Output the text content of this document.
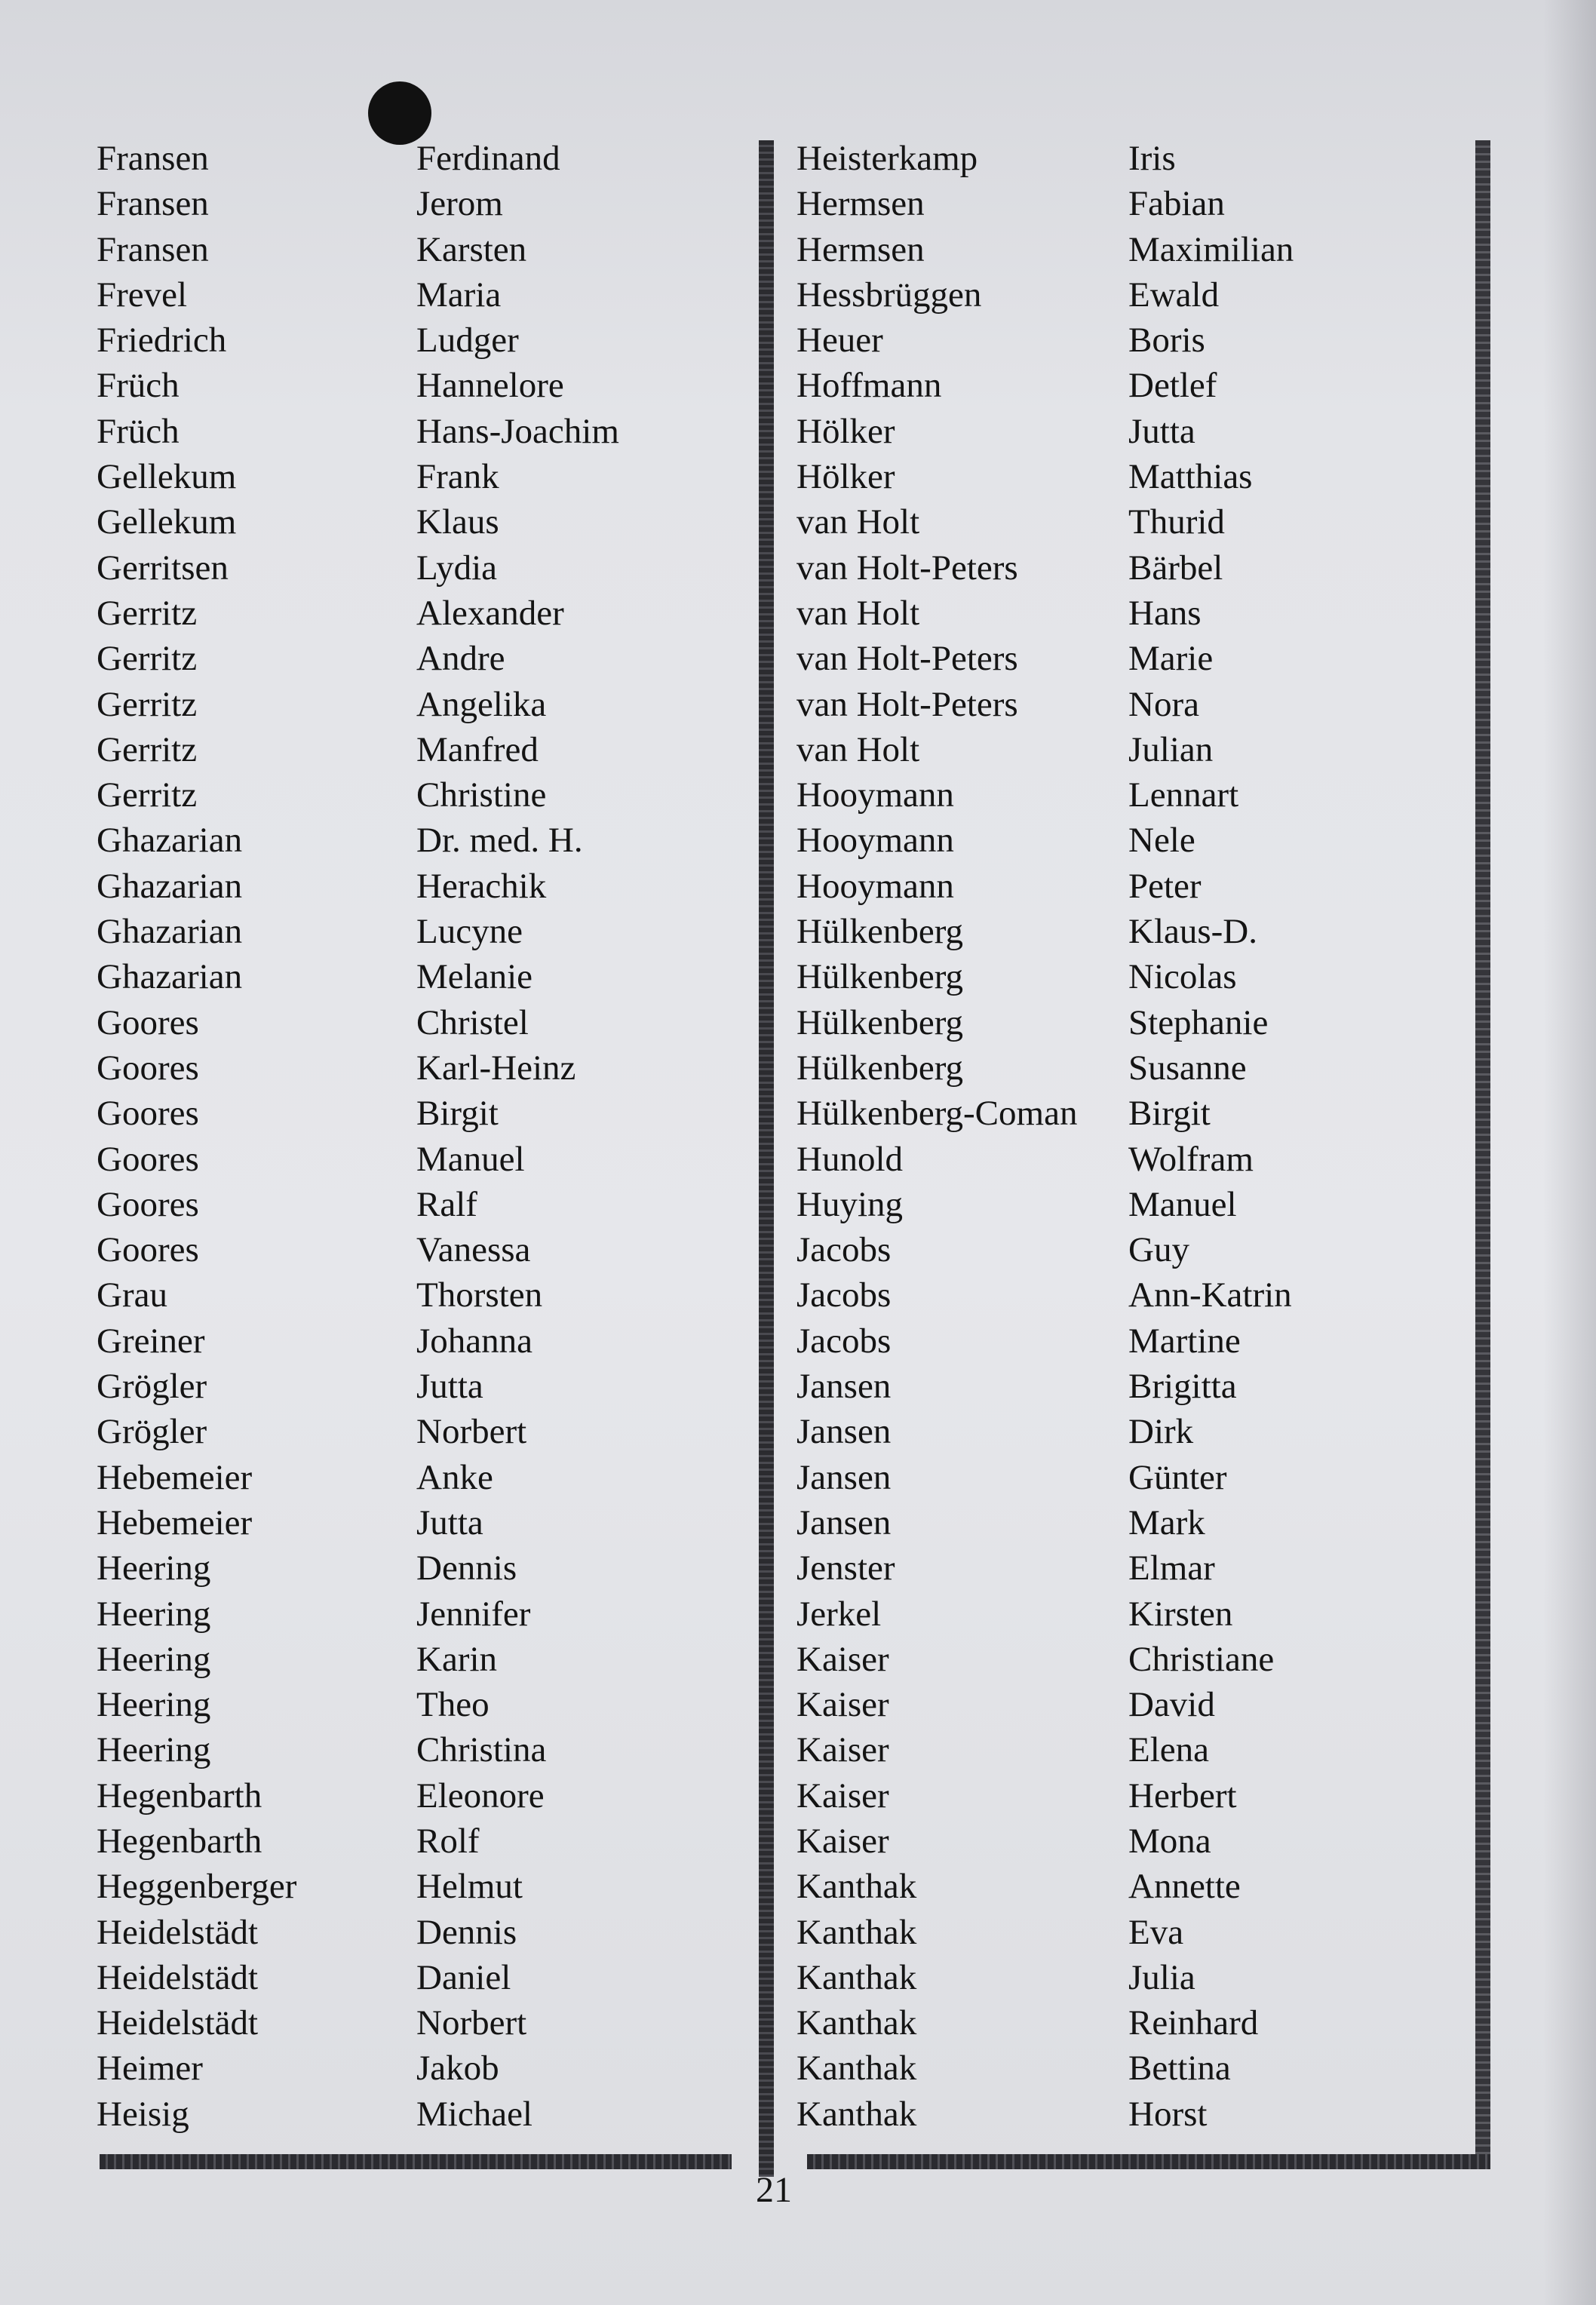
Fransen
Fransen
Fransen
Frevel
Friedrich
Früch
Früch
Gellekum
Gellekum
Gerritsen
Gerritz
Gerritz
Gerritz
Gerritz
Gerritz
Ghazarian
Ghazarian
Ghazarian
Ghazarian
Goores
Goores
Goores
Goores
Goores
Goores
Grau
Greiner
Grögler
Grögler
Hebemeier
Hebemeier
Heering
Heering
Heering
Heering
Heering
Hegenbarth
Hegenbarth
Heggenberger
Heidelstädt
Heidelstädt
Heidelstädt
Heimer
Heisig
Ferdinand
Jerom
Karsten
Maria
Ludger
Hannelore
Hans-Joachim
Frank
Klaus
Lydia
Alexander
Andre
Angelika
Manfred
Christine
Dr. med. H.
Herachik
Lucyne
Melanie
Christel
Karl-Heinz
Birgit
Manuel
Ralf
Vanessa
Thorsten
Johanna
Jutta
Norbert
Anke
Jutta
Dennis
Jennifer
Karin
Theo
Christina
Eleonore
Rolf
Helmut
Dennis
Daniel
Norbert
Jakob
Michael
Heisterkamp
Hermsen
Hermsen
Hessbrüggen
Heuer
Hoffmann
Hölker
Hölker
van Holt
van Holt-Peters
van Holt
van Holt-Peters
van Holt-Peters
van Holt
Hooymann
Hooymann
Hooymann
Hülkenberg
Hülkenberg
Hülkenberg
Hülkenberg
Hülkenberg-Coman
Hunold
Huying
Jacobs
Jacobs
Jacobs
Jansen
Jansen
Jansen
Jansen
Jenster
Jerkel
Kaiser
Kaiser
Kaiser
Kaiser
Kaiser
Kanthak
Kanthak
Kanthak
Kanthak
Kanthak
Kanthak
Iris
Fabian
Maximilian
Ewald
Boris
Detlef
Jutta
Matthias
Thurid
Bärbel
Hans
Marie
Nora
Julian
Lennart
Nele
Peter
Klaus-D.
Nicolas
Stephanie
Susanne
Birgit
Wolfram
Manuel
Guy
Ann-Katrin
Martine
Brigitta
Dirk
Günter
Mark
Elmar
Kirsten
Christiane
David
Elena
Herbert
Mona
Annette
Eva
Julia
Reinhard
Bettina
Horst
21
